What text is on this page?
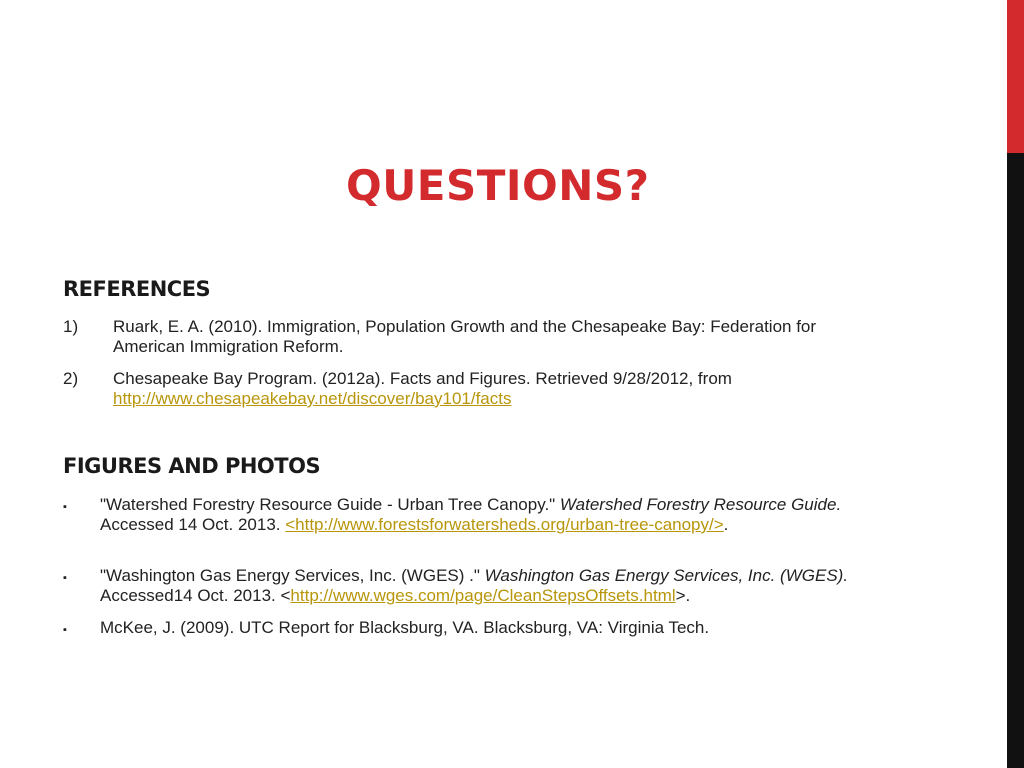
QUESTIONS?
REFERENCES
1) Ruark, E. A. (2010). Immigration, Population Growth and the Chesapeake Bay: Federation for American Immigration Reform.
2) Chesapeake Bay Program. (2012a). Facts and Figures. Retrieved 9/28/2012, from
http://www.chesapeakebay.net/discover/bay101/facts
FIGURES AND PHOTOS
▪ "Watershed Forestry Resource Guide - Urban Tree Canopy." Watershed Forestry Resource Guide. Accessed 14 Oct. 2013. <http://www.forestsforwatersheds.org/urban-tree-canopy/>.
▪ "Washington Gas Energy Services, Inc. (WGES) ." Washington Gas Energy Services, Inc. (WGES). Accessed14 Oct. 2013. <http://www.wges.com/page/CleanStepsOffsets.html>.
▪ McKee, J. (2009). UTC Report for Blacksburg, VA. Blacksburg, VA: Virginia Tech.
